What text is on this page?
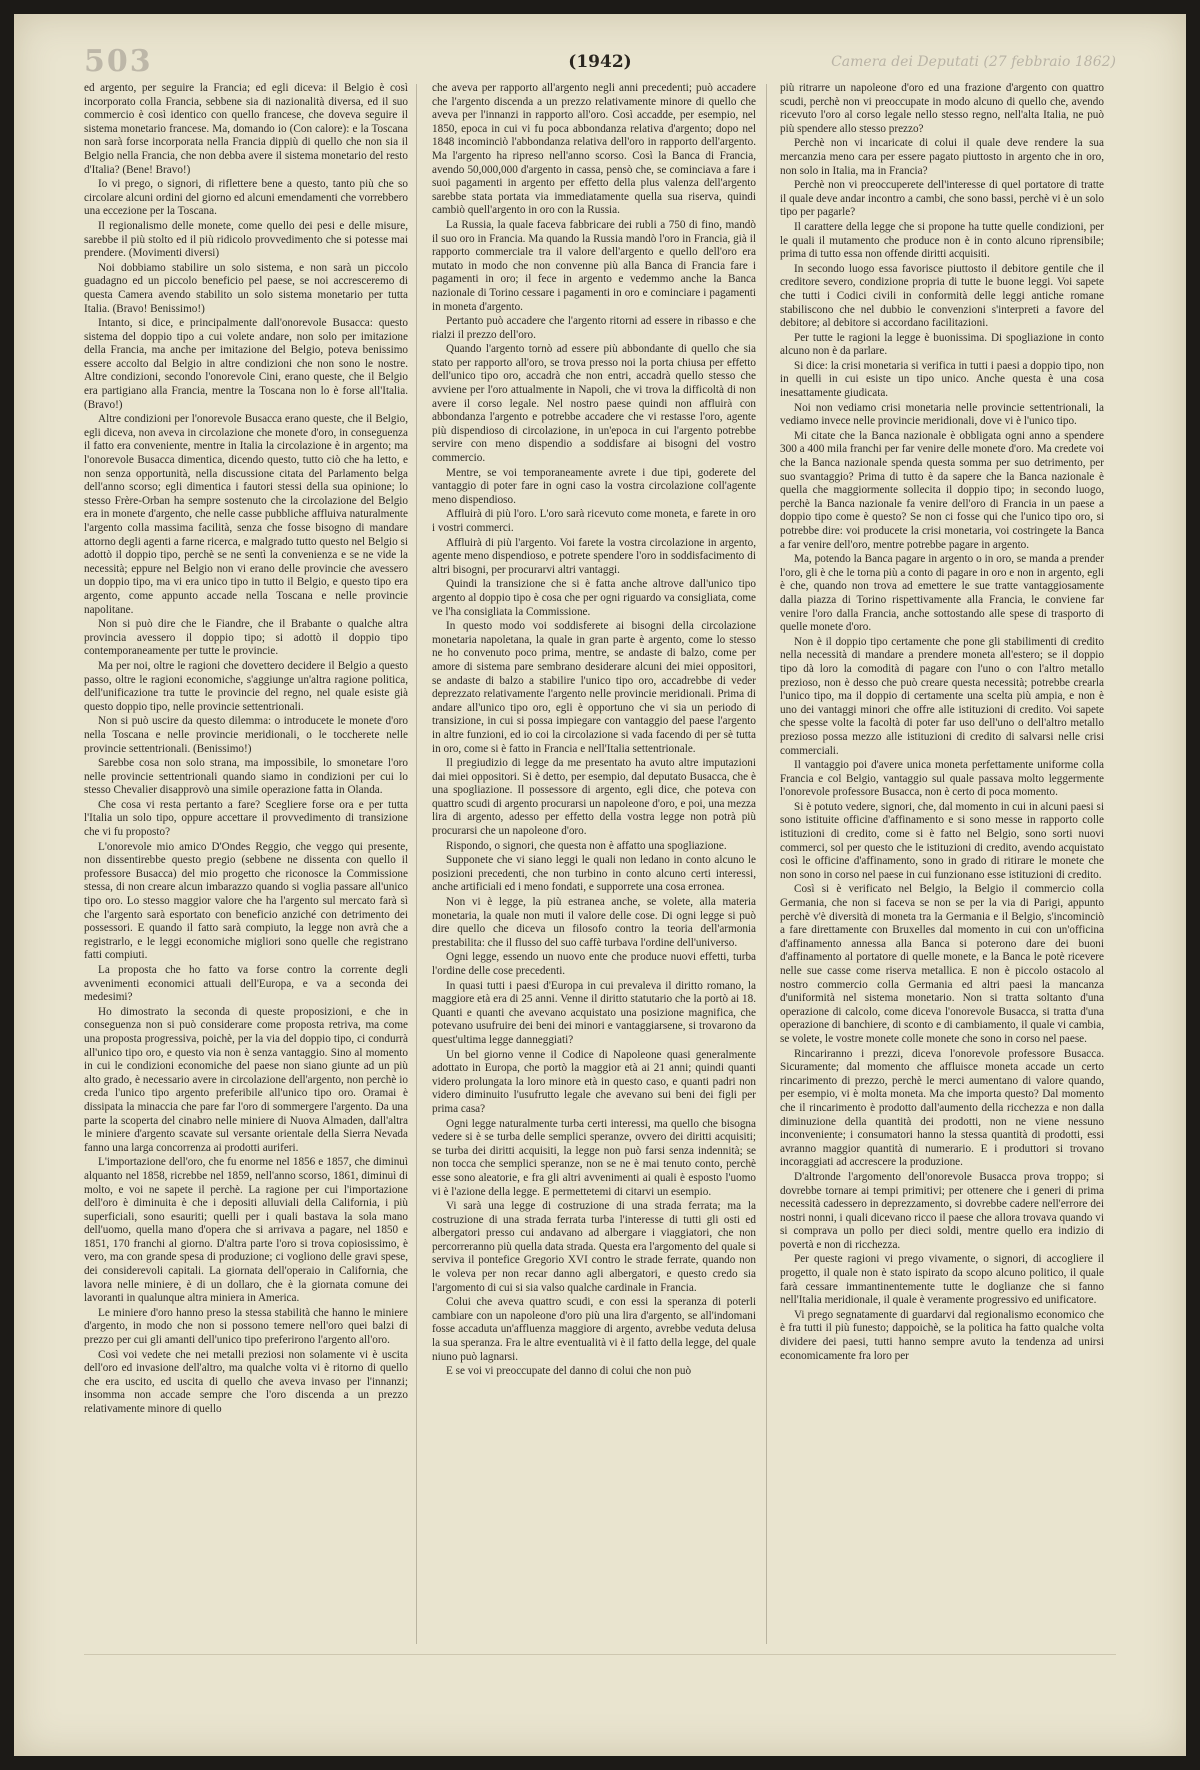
503	(1942)	Camera dei Deputati (27 febbraio 1862)

ed argento, per seguire la Francia; ed egli diceva: il Belgio è così incorporato colla Francia, sebbene sia di nazionalità diversa, ed il suo commercio è così identico con quello francese, che doveva seguire il sistema monetario francese. Ma, domando io (Con calore): e la Toscana non sarà forse incorporata nella Francia dippiù di quello che non sia il Belgio nella Francia, che non debba avere il sistema monetario del resto d'Italia? (Bene! Bravo!)

Io vi prego, o signori, di riflettere bene a questo, tanto più che so circolare alcuni ordini del giorno ed alcuni emendamenti che vorrebbero una eccezione per la Toscana.

Il regionalismo delle monete, come quello dei pesi e delle misure, sarebbe il più stolto ed il più ridicolo provvedimento che si potesse mai prendere. (Movimenti diversi)

Noi dobbiamo stabilire un solo sistema, e non sarà un piccolo guadagno ed un piccolo beneficio pel paese, se noi accresceremo di questa Camera avendo stabilito un solo sistema monetario per tutta Italia. (Bravo! Benissimo!)

Intanto, si dice, e principalmente dall'onorevole Busacca: questo sistema del doppio tipo a cui volete andare, non solo per imitazione della Francia, ma anche per imitazione del Belgio, poteva benissimo essere accolto dal Belgio in altre condizioni che non sono le nostre. Altre condizioni, secondo l'onorevole Cini, erano queste, che il Belgio era partigiano alla Francia, mentre la Toscana non lo è forse all'Italia. (Bravo!)

Altre condizioni per l'onorevole Busacca erano queste, che il Belgio, egli diceva, non aveva in circolazione che monete d'oro, in conseguenza il fatto era conveniente, mentre in Italia la circolazione è in argento; ma l'onorevole Busacca dimentica, dicendo questo, tutto ciò che ha letto, e non senza opportunità, nella discussione citata del Parlamento belga dell'anno scorso; egli dimentica i fautori stessi della sua opinione; lo stesso Frère-Orban ha sempre sostenuto che la circolazione del Belgio era in monete d'argento, che nelle casse pubbliche affluiva naturalmente l'argento colla massima facilità, senza che fosse bisogno di mandare attorno degli agenti a farne ricerca, e malgrado tutto questo nel Belgio si adottò il doppio tipo, perchè se ne sentì la convenienza e se ne vide la necessità; eppure nel Belgio non vi erano delle provincie che avessero un doppio tipo, ma vi era unico tipo in tutto il Belgio, e questo tipo era argento, come appunto accade nella Toscana e nelle provincie napolitane.

Non si può dire che le Fiandre, che il Brabante o qualche altra provincia avessero il doppio tipo; si adottò il doppio tipo contemporaneamente per tutte le provincie.

Ma per noi, oltre le ragioni che dovettero decidere il Belgio a questo passo, oltre le ragioni economiche, s'aggiunge un'altra ragione politica, dell'unificazione tra tutte le provincie del regno, nel quale esiste già questo doppio tipo, nelle provincie settentrionali.

Non si può uscire da questo dilemma: o introducete le monete d'oro nella Toscana e nelle provincie meridionali, o le toccherete nelle provincie settentrionali. (Benissimo!)

Sarebbe cosa non solo strana, ma impossibile, lo smonetare l'oro nelle provincie settentrionali quando siamo in condizioni per cui lo stesso Chevalier disapprovò una simile operazione fatta in Olanda.

Che cosa vi resta pertanto a fare? Scegliere forse ora e per tutta l'Italia un solo tipo, oppure accettare il provvedimento di transizione che vi fu proposto?

L'onorevole mio amico D'Ondes Reggio, che veggo qui presente, non dissentirebbe questo pregio (sebbene ne dissenta con quello il professore Busacca) del mio progetto che riconosce la Commissione stessa, di non creare alcun imbarazzo quando si voglia passare all'unico tipo oro. Lo stesso maggior valore che ha l'argento sul mercato farà sì che l'argento sarà esportato con beneficio anziché con detrimento dei possessori. E quando il fatto sarà compiuto, la legge non avrà che a registrarlo, e le leggi economiche migliori sono quelle che registrano fatti compiuti.

La proposta che ho fatto va forse contro la corrente degli avvenimenti economici attuali dell'Europa, e va a seconda dei medesimi?

Ho dimostrato la seconda di queste proposizioni, e che in conseguenza non si può considerare come proposta retriva, ma come una proposta progressiva, poichè, per la via del doppio tipo, ci condurrà all'unico tipo oro, e questo via non è senza vantaggio. Sino al momento in cui le condizioni economiche del paese non siano giunte ad un più alto grado, è necessario avere in circolazione dell'argento, non perchè io creda l'unico tipo argento preferibile all'unico tipo oro. Oramai è dissipata la minaccia che pare far l'oro di sommergere l'argento. Da una parte la scoperta del cinabro nelle miniere di Nuova Almaden, dall'altra le miniere d'argento scavate sul versante orientale della Sierra Nevada fanno una larga concorrenza ai prodotti auriferi.

L'importazione dell'oro, che fu enorme nel 1856 e 1857, che diminuì alquanto nel 1858, ricrebbe nel 1859, nell'anno scorso, 1861, diminuì di molto, e voi ne sapete il perchè. La ragione per cui l'importazione dell'oro è diminuita è che i depositi alluviali della California, i più superficiali, sono esauriti; quelli per i quali bastava la sola mano dell'uomo, quella mano d'opera che si arrivava a pagare, nel 1850 e 1851, 170 franchi al giorno. D'altra parte l'oro si trova copiosissimo, è vero, ma con grande spesa di produzione; ci vogliono delle gravi spese, dei considerevoli capitali. La giornata dell'operaio in California, che lavora nelle miniere, è di un dollaro, che è la giornata comune dei lavoranti in qualunque altra miniera in America.

Le miniere d'oro hanno preso la stessa stabilità che hanno le miniere d'argento, in modo che non si possono temere nell'oro quei balzi di prezzo per cui gli amanti dell'unico tipo preferirono l'argento all'oro.

Così voi vedete che nei metalli preziosi non solamente vi è uscita dell'oro ed invasione dell'altro, ma qualche volta vi è ritorno di quello che era uscito, ed uscita di quello che aveva invaso per l'innanzi; insomma non accade sempre che l'oro discenda a un prezzo relativamente minore di quello

che aveva per rapporto all'argento negli anni precedenti; può accadere che l'argento discenda a un prezzo relativamente minore di quello che aveva per l'innanzi in rapporto all'oro. Così accadde, per esempio, nel 1850, epoca in cui vi fu poca abbondanza relativa d'argento; dopo nel 1848 incominciò l'abbondanza relativa dell'oro in rapporto dell'argento. Ma l'argento ha ripreso nell'anno scorso. Così la Banca di Francia, avendo 50,000,000 d'argento in cassa, pensò che, se cominciava a fare i suoi pagamenti in argento per effetto della plus valenza dell'argento sarebbe stata portata via immediatamente quella sua riserva, quindi cambiò quell'argento in oro con la Russia.

La Russia, la quale faceva fabbricare dei rubli a 750 di fino, mandò il suo oro in Francia. Ma quando la Russia mandò l'oro in Francia, già il rapporto commerciale tra il valore dell'argento e quello dell'oro era mutato in modo che non convenne più alla Banca di Francia fare i pagamenti in oro; il fece in argento e vedemmo anche la Banca nazionale di Torino cessare i pagamenti in oro e cominciare i pagamenti in moneta d'argento.

Pertanto può accadere che l'argento ritorni ad essere in ribasso e che rialzi il prezzo dell'oro.

Quando l'argento tornò ad essere più abbondante di quello che sia stato per rapporto all'oro, se trova presso noi la porta chiusa per effetto dell'unico tipo oro, accadrà che non entri, accadrà quello stesso che avviene per l'oro attualmente in Napoli, che vi trova la difficoltà di non avere il corso legale. Nel nostro paese quindi non affluirà con abbondanza l'argento e potrebbe accadere che vi restasse l'oro, agente più dispendioso di circolazione, in un'epoca in cui l'argento potrebbe servire con meno dispendio a soddisfare ai bisogni del vostro commercio.

Mentre, se voi temporaneamente avrete i due tipi, goderete del vantaggio di poter fare in ogni caso la vostra circolazione coll'agente meno dispendioso.

Affluirà di più l'oro. L'oro sarà ricevuto come moneta, e farete in oro i vostri commerci.

Affluirà di più l'argento. Voi farete la vostra circolazione in argento, agente meno dispendioso, e potrete spendere l'oro in soddisfacimento di altri bisogni, per procurarvi altri vantaggi.

Quindi la transizione che si è fatta anche altrove dall'unico tipo argento al doppio tipo è cosa che per ogni riguardo va consigliata, come ve l'ha consigliata la Commissione.

In questo modo voi soddisferete ai bisogni della circolazione monetaria napoletana, la quale in gran parte è argento, come lo stesso ne ho convenuto poco prima, mentre, se andaste di balzo, come per amore di sistema pare sembrano desiderare alcuni dei miei oppositori, se andaste di balzo a stabilire l'unico tipo oro, accadrebbe di veder deprezzato relativamente l'argento nelle provincie meridionali. Prima di andare all'unico tipo oro, egli è opportuno che vi sia un periodo di transizione, in cui si possa impiegare con vantaggio del paese l'argento in altre funzioni, ed io coi la circolazione si vada facendo di per sè tutta in oro, come si è fatto in Francia e nell'Italia settentrionale.

Il pregiudizio di legge da me presentato ha avuto altre imputazioni dai miei oppositori. Si è detto, per esempio, dal deputato Busacca, che è una spogliazione. Il possessore di argento, egli dice, che poteva con quattro scudi di argento procurarsi un napoleone d'oro, e poi, una mezza lira di argento, adesso per effetto della vostra legge non potrà più procurarsi che un napoleone d'oro.

Rispondo, o signori, che questa non è affatto una spogliazione.

Supponete che vi siano leggi le quali non ledano in conto alcuno le posizioni precedenti, che non turbino in conto alcuno certi interessi, anche artificiali ed i meno fondati, e supporrete una cosa erronea.

Non vi è legge, la più estranea anche, se volete, alla materia monetaria, la quale non muti il valore delle cose. Di ogni legge si può dire quello che diceva un filosofo contro la teoria dell'armonia prestabilita: che il flusso del suo caffè turbava l'ordine dell'universo.

Ogni legge, essendo un nuovo ente che produce nuovi effetti, turba l'ordine delle cose precedenti.

In quasi tutti i paesi d'Europa in cui prevaleva il diritto romano, la maggiore età era di 25 anni. Venne il diritto statutario che la portò ai 18. Quanti e quanti che avevano acquistato una posizione magnifica, che potevano usufruire dei beni dei minori e vantaggiarsene, si trovarono da quest'ultima legge danneggiati?

Un bel giorno venne il Codice di Napoleone quasi generalmente adottato in Europa, che portò la maggior età ai 21 anni; quindi quanti videro prolungata la loro minore età in questo caso, e quanti padri non videro diminuito l'usufrutto legale che avevano sui beni dei figli per prima casa?

Ogni legge naturalmente turba certi interessi, ma quello che bisogna vedere si è se turba delle semplici speranze, ovvero dei diritti acquisiti; se turba dei diritti acquisiti, la legge non può farsi senza indennità; se non tocca che semplici speranze, non se ne è mai tenuto conto, perchè esse sono aleatorie, e fra gli altri avvenimenti ai quali è esposto l'uomo vi è l'azione della legge. E permettetemi di citarvi un esempio.

Vi sarà una legge di costruzione di una strada ferrata; ma la costruzione di una strada ferrata turba l'interesse di tutti gli osti ed albergatori presso cui andavano ad albergare i viaggiatori, che non percorreranno più quella data strada. Questa era l'argomento del quale si serviva il pontefice Gregorio XVI contro le strade ferrate, quando non le voleva per non recar danno agli albergatori, e questo credo sia l'argomento di cui si sia valso qualche cardinale in Francia.

Colui che aveva quattro scudi, e con essi la speranza di poterli cambiare con un napoleone d'oro più una lira d'argento, se all'indomani fosse accaduta un'affluenza maggiore di argento, avrebbe veduta delusa la sua speranza. Fra le altre eventualità vi è il fatto della legge, del quale niuno può lagnarsi.

E se voi vi preoccupate del danno di colui che non può

più ritrarre un napoleone d'oro ed una frazione d'argento con quattro scudi, perchè non vi preoccupate in modo alcuno di quello che, avendo ricevuto l'oro al corso legale nello stesso regno, nell'alta Italia, ne può più spendere allo stesso prezzo?

Perchè non vi incaricate di colui il quale deve rendere la sua mercanzia meno cara per essere pagato piuttosto in argento che in oro, non solo in Italia, ma in Francia?

Perchè non vi preoccuperete dell'interesse di quel portatore di tratte il quale deve andar incontro a cambi, che sono bassi, perchè vi è un solo tipo per pagarle?

Il carattere della legge che si propone ha tutte quelle condizioni, per le quali il mutamento che produce non è in conto alcuno riprensibile; prima di tutto essa non offende diritti acquisiti.

In secondo luogo essa favorisce piuttosto il debitore gentile che il creditore severo, condizione propria di tutte le buone leggi. Voi sapete che tutti i Codici civili in conformità delle leggi antiche romane stabiliscono che nel dubbio le convenzioni s'interpreti a favore del debitore; al debitore si accordano facilitazioni.

Per tutte le ragioni la legge è buonissima. Di spogliazione in conto alcuno non è da parlare.

Si dice: la crisi monetaria si verifica in tutti i paesi a doppio tipo, non in quelli in cui esiste un tipo unico. Anche questa è una cosa inesattamente giudicata.

Noi non vediamo crisi monetaria nelle provincie settentrionali, la vediamo invece nelle provincie meridionali, dove vi è l'unico tipo.

Mi citate che la Banca nazionale è obbligata ogni anno a spendere 300 a 400 mila franchi per far venire delle monete d'oro. Ma credete voi che la Banca nazionale spenda questa somma per suo detrimento, per suo svantaggio? Prima di tutto è da sapere che la Banca nazionale è quella che maggiormente sollecita il doppio tipo; in secondo luogo, perchè la Banca nazionale fa venire dell'oro di Francia in un paese a doppio tipo come è questo? Se non ci fosse qui che l'unico tipo oro, si potrebbe dire: voi producete la crisi monetaria, voi costringete la Banca a far venire dell'oro, mentre potrebbe pagare in argento.

Ma, potendo la Banca pagare in argento o in oro, se manda a prender l'oro, gli è che le torna più a conto di pagare in oro e non in argento, egli è che, quando non trova ad emettere le sue tratte vantaggiosamente dalla piazza di Torino rispettivamente alla Francia, le conviene far venire l'oro dalla Francia, anche sottostando alle spese di trasporto di quelle monete d'oro.

Non è il doppio tipo certamente che pone gli stabilimenti di credito nella necessità di mandare a prendere moneta all'estero; se il doppio tipo dà loro la comodità di pagare con l'uno o con l'altro metallo prezioso, non è desso che può creare questa necessità; potrebbe crearla l'unico tipo, ma il doppio di certamente una scelta più ampia, e non è uno dei vantaggi minori che offre alle istituzioni di credito. Voi sapete che spesse volte la facoltà di poter far uso dell'uno o dell'altro metallo prezioso possa mezzo alle istituzioni di credito di salvarsi nelle crisi commerciali.

Il vantaggio poi d'avere unica moneta perfettamente uniforme colla Francia e col Belgio, vantaggio sul quale passava molto leggermente l'onorevole professore Busacca, non è certo di poca momento.

Si è potuto vedere, signori, che, dal momento in cui in alcuni paesi si sono istituite officine d'affinamento e si sono messe in rapporto colle istituzioni di credito, come si è fatto nel Belgio, sono sorti nuovi commerci, sol per questo che le istituzioni di credito, avendo acquistato così le officine d'affinamento, sono in grado di ritirare le monete che non sono in corso nel paese in cui funzionano esse istituzioni di credito.

Così si è verificato nel Belgio, la Belgio il commercio colla Germania, che non si faceva se non se per la via di Parigi, appunto perchè v'è diversità di moneta tra la Germania e il Belgio, s'incominciò a fare direttamente con Bruxelles dal momento in cui con un'officina d'affinamento annessa alla Banca si poterono dare dei buoni d'affinamento al portatore di quelle monete, e la Banca le potè ricevere nelle sue casse come riserva metallica. E non è piccolo ostacolo al nostro commercio colla Germania ed altri paesi la mancanza d'uniformità nel sistema monetario. Non si tratta soltanto d'una operazione di calcolo, come diceva l'onorevole Busacca, si tratta d'una operazione di banchiere, di sconto e di cambiamento, il quale vi cambia, se volete, le vostre monete colle monete che sono in corso nel paese.

Rincariranno i prezzi, diceva l'onorevole professore Busacca. Sicuramente; dal momento che affluisce moneta accade un certo rincarimento di prezzo, perchè le merci aumentano di valore quando, per esempio, vi è molta moneta. Ma che importa questo? Dal momento che il rincarimento è prodotto dall'aumento della ricchezza e non dalla diminuzione della quantità dei prodotti, non ne viene nessuno inconveniente; i consumatori hanno la stessa quantità di prodotti, essi avranno maggior quantità di numerario. E i produttori si trovano incoraggiati ad accrescere la produzione.

D'altronde l'argomento dell'onorevole Busacca prova troppo; si dovrebbe tornare ai tempi primitivi; per ottenere che i generi di prima necessità cadessero in deprezzamento, si dovrebbe cadere nell'errore dei nostri nonni, i quali dicevano ricco il paese che allora trovava quando vi si comprava un pollo per dieci soldi, mentre quello era indizio di povertà e non di ricchezza.

Per queste ragioni vi prego vivamente, o signori, di accogliere il progetto, il quale non è stato ispirato da scopo alcuno politico, il quale farà cessare immantinentemente tutte le doglianze che si fanno nell'Italia meridionale, il quale è veramente progressivo ed unificatore.

Vi prego segnatamente di guardarvi dal regionalismo economico che è fra tutti il più funesto; dappoichè, se la politica ha fatto qualche volta dividere dei paesi, tutti hanno sempre avuto la tendenza ad unirsi economicamente fra loro per
